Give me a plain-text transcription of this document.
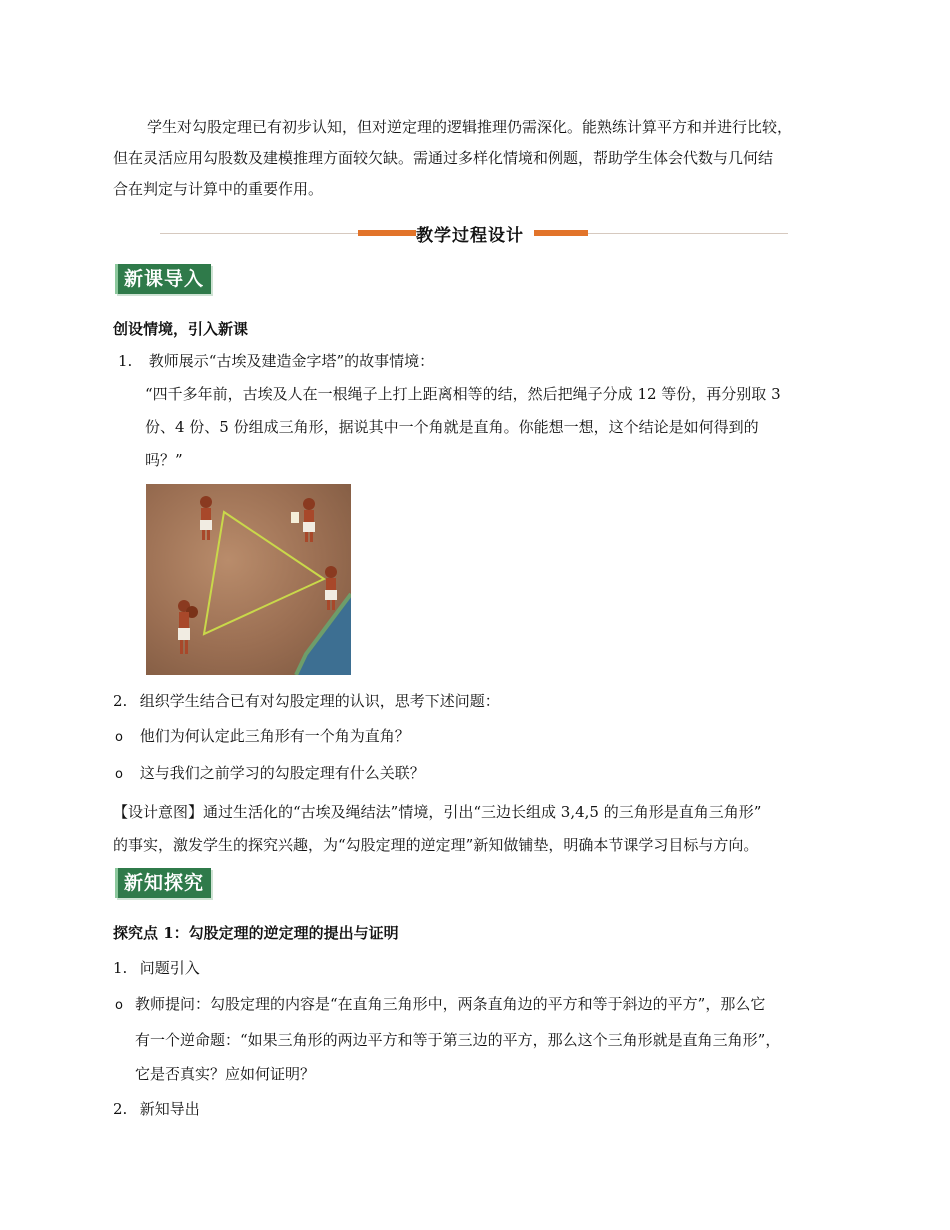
学生对勾股定理已有初步认知，但对逆定理的逻辑推理仍需深化。能熟练计算平方和并进行比较，
但在灵活应用勾股数及建模推理方面较欠缺。需通过多样化情境和例题，帮助学生体会代数与几何结
合在判定与计算中的重要作用。
教学过程设计
新课导入
创设情境，引入新课
1. 教师展示“古埃及建造金字塔”的故事情境：
“四千多年前，古埃及人在一根绳子上打上距离相等的结，然后把绳子分成 12 等份，再分别取 3
份、4 份、5 份组成三角形，据说其中一个角就是直角。你能想一想，这个结论是如何得到的
吗？”
2. 组织学生结合已有对勾股定理的认识，思考下述问题：
o 他们为何认定此三角形有一个角为直角？
o 这与我们之前学习的勾股定理有什么关联？
【设计意图】通过生活化的“古埃及绳结法”情境，引出“三边长组成 3,4,5 的三角形是直角三角形”
的事实，激发学生的探究兴趣，为“勾股定理的逆定理”新知做铺垫，明确本节课学习目标与方向。
新知探究
探究点 1：勾股定理的逆定理的提出与证明
1. 问题引入
o 教师提问：勾股定理的内容是“在直角三角形中，两条直角边的平方和等于斜边的平方”，那么它
有一个逆命题：“如果三角形的两边平方和等于第三边的平方，那么这个三角形就是直角三角形”，
它是否真实？应如何证明？
2. 新知导出
